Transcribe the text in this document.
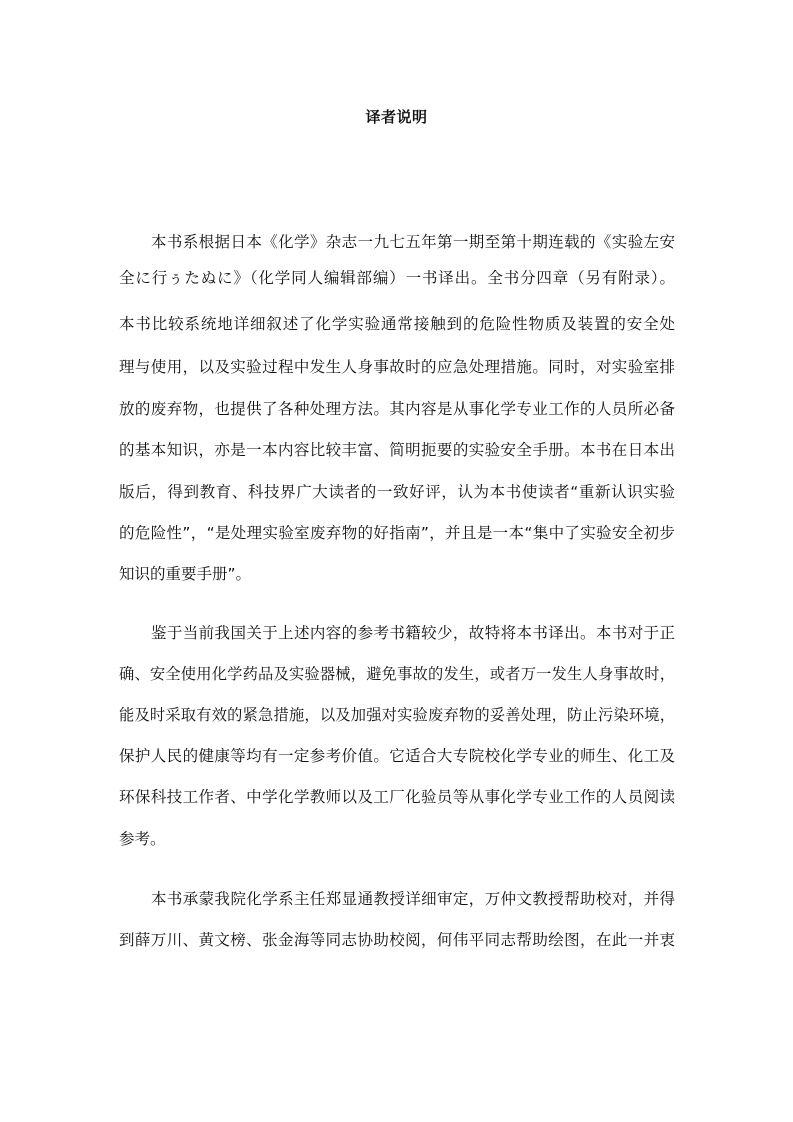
译者说明
本书系根据日本《化学》杂志一九七五年第一期至第十期连载的《实验左安
全に行ぅたぬに》（化学同人编辑部编）一书译出。全书分四章（另有附录）。
本书比较系统地详细叙述了化学实验通常接触到的危险性物质及装置的安全处
理与使用，以及实验过程中发生人身事故时的应急处理措施。同时，对实验室排
放的废弃物，也提供了各种处理方法。其内容是从事化学专业工作的人员所必备
的基本知识，亦是一本内容比较丰富、简明扼要的实验安全手册。本书在日本出
版后，得到教育、科技界广大读者的一致好评，认为本书使读者“重新认识实验
的危险性”，“是处理实验室废弃物的好指南”，并且是一本“集中了实验安全初步
知识的重要手册”。
鉴于当前我国关于上述内容的参考书籍较少，故特将本书译出。本书对于正
确、安全使用化学药品及实验器械，避免事故的发生，或者万一发生人身事故时，
能及时采取有效的紧急措施，以及加强对实验废弃物的妥善处理，防止污染环境，
保护人民的健康等均有一定参考价值。它适合大专院校化学专业的师生、化工及
环保科技工作者、中学化学教师以及工厂化验员等从事化学专业工作的人员阅读
参考。
本书承蒙我院化学系主任郑显通教授详细审定，万仲文教授帮助校对，并得
到薛万川、黄文榜、张金海等同志协助校阅，何伟平同志帮助绘图，在此一并衷
